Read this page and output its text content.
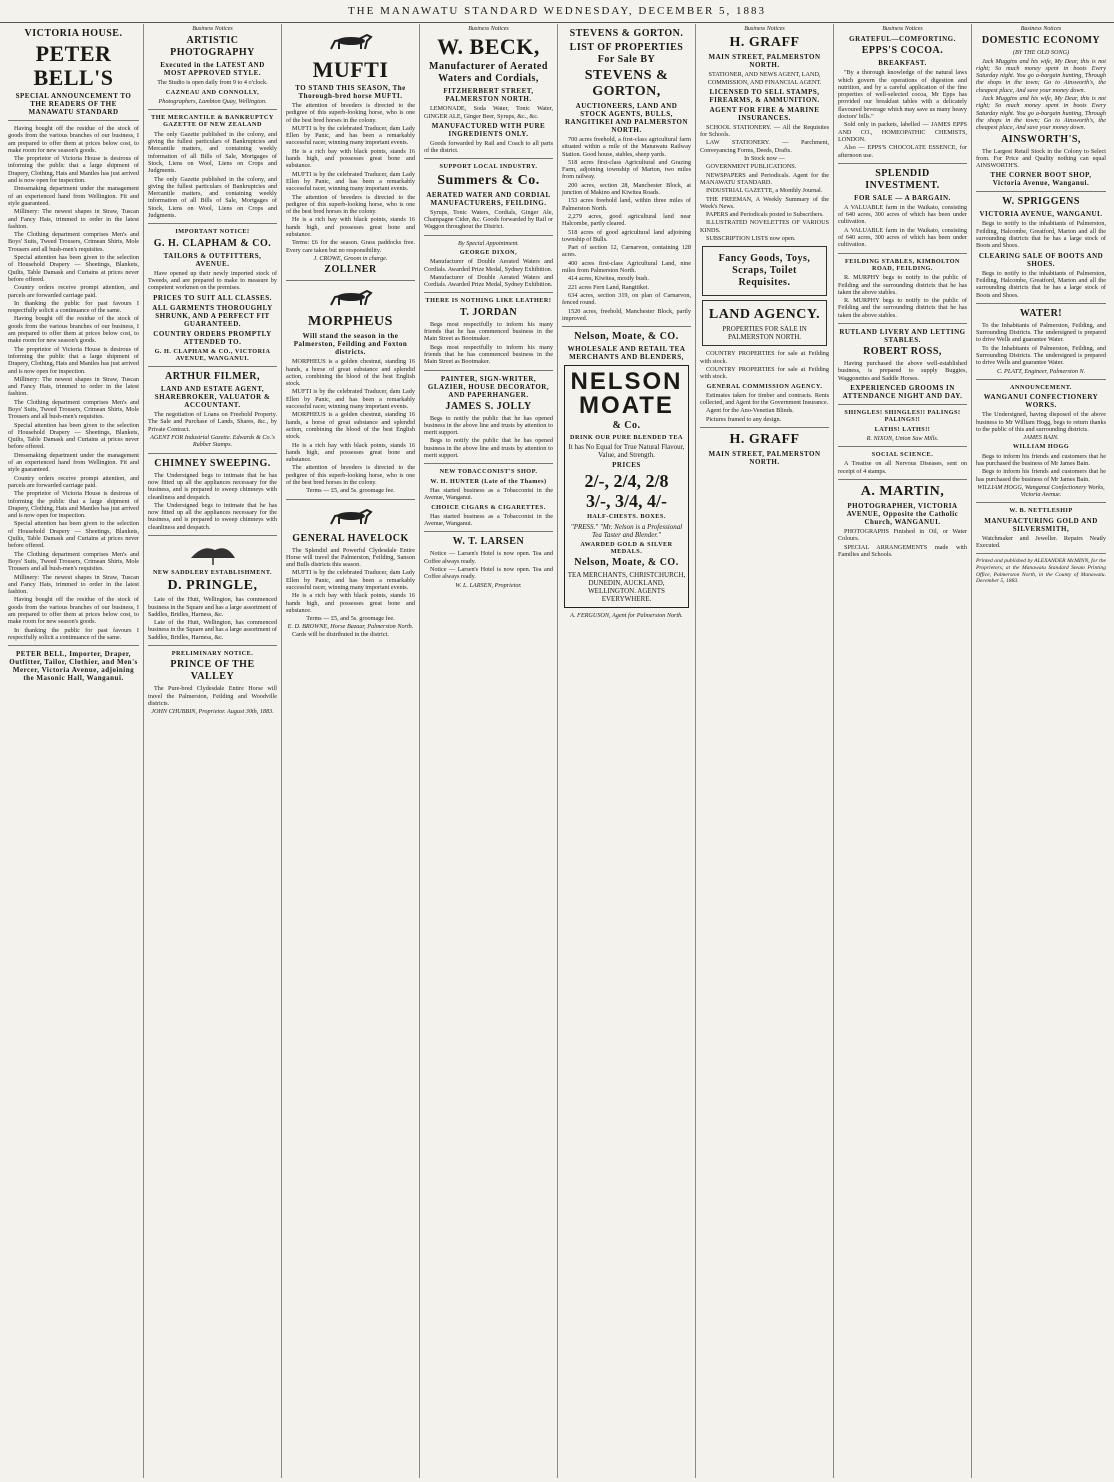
THE MANAWATU STANDARD WEDNESDAY, DECEMBER 5, 1883
VICTORIA HOUSE.
PETER BELL'S
SPECIAL ANNOUNCEMENT TO THE READERS OF THE MANAWATU STANDARD

Having bought off the residue of the stock of goods from the various branches of our business, I am prepared to offer them at prices below cost, to make room for new season's goods.

The proprietor of Victoria House is desirous of informing the public that a large shipment of Drapery, Clothing, Hats and Mantles has just arrived and is now open for inspection.

Dressmaking department under the management of an experienced hand from Wellington. Fit and style guaranteed.

Millinery: The newest shapes in Straw, Tuscan and Fancy Hats, trimmed to order in the latest fashion.

The Clothing department comprises Men's and Boys' Suits, Tweed Trousers, Crimean Shirts, Mole Trousers and all bush-men's requisites.

Special attention has been given to the selection of Household Drapery — Sheetings, Blankets, Quilts, Table Damask and Curtains at prices never before offered.

Country orders receive prompt attention, and parcels are forwarded carriage paid.

In thanking the public for past favours I respectfully solicit a continuance of the same.

Having bought off the residue of the stock of goods from the various branches of our business, I am prepared to offer them at prices below cost, to make room for new season's goods.

The proprietor of Victoria House is desirous of informing the public that a large shipment of Drapery, Clothing, Hats and Mantles has just arrived and is now open for inspection.

Millinery: The newest shapes in Straw, Tuscan and Fancy Hats, trimmed to order in the latest fashion.

The Clothing department comprises Men's and Boys' Suits, Tweed Trousers, Crimean Shirts, Mole Trousers and all bush-men's requisites.

Special attention has been given to the selection of Household Drapery — Sheetings, Blankets, Quilts, Table Damask and Curtains at prices never before offered.

Dressmaking department under the management of an experienced hand from Wellington. Fit and style guaranteed.

Country orders receive prompt attention, and parcels are forwarded carriage paid.

The proprietor of Victoria House is desirous of informing the public that a large shipment of Drapery, Clothing, Hats and Mantles has just arrived and is now open for inspection.

Special attention has been given to the selection of Household Drapery — Sheetings, Blankets, Quilts, Table Damask and Curtains at prices never before offered.

The Clothing department comprises Men's and Boys' Suits, Tweed Trousers, Crimean Shirts, Mole Trousers and all bush-men's requisites.

Millinery: The newest shapes in Straw, Tuscan and Fancy Hats, trimmed to order in the latest fashion.

Having bought off the residue of the stock of goods from the various branches of our business, I am prepared to offer them at prices below cost, to make room for new season's goods.

In thanking the public for past favours I respectfully solicit a continuance of the same.

PETER BELL, Importer, Draper, Outfitter, Tailor, Clothier, and Men's Mercer, Victoria Avenue, adjoining the Masonic Hall, Wanganui.
Business Notices
ARTISTIC PHOTOGRAPHY
Executed in the LATEST AND MOST APPROVED STYLE.
The Studio is open daily from 9 to 4 o'clock.
CAZNEAU AND CONNOLLY,
Photographers, Lambton Quay, Wellington.
THE MERCANTILE & BANKRUPTCY GAZETTE OF NEW ZEALAND

The only Gazette published in the colony, and giving the fullest particulars of Bankruptcies and Mercantile matters, and containing weekly information of all Bills of Sale, Mortgages of Stock, Liens on Wool, Liens on Crops and Judgments.

The only Gazette published in the colony, and giving the fullest particulars of Bankruptcies and Mercantile matters, and containing weekly information of all Bills of Sale, Mortgages of Stock, Liens on Wool, Liens on Crops and Judgments.

IMPORTANT NOTICE!
G. H. CLAPHAM & CO.
TAILORS & OUTFITTERS, AVENUE.

Have opened up their newly imported stock of Tweeds, and are prepared to make to measure by competent workmen on the premises.

PRICES TO SUIT ALL CLASSES.
ALL GARMENTS THOROUGHLY SHRUNK, AND A PERFECT FIT GUARANTEED.
COUNTRY ORDERS PROMPTLY ATTENDED TO.
G. H. CLAPHAM & CO., VICTORIA AVENUE, WANGANUI.
ARTHUR FILMER,
LAND AND ESTATE AGENT, SHAREBROKER, VALUATOR & ACCOUNTANT.

The negotiation of Loans on Freehold Property. The Sale and Purchase of Lands, Shares, &c., by Private Contract.

AGENT FOR Industrial Gazette. Edwards & Co.'s Rubber Stamps.
CHIMNEY SWEEPING.

The Undersigned begs to intimate that he has now fitted up all the appliances necessary for the business, and is prepared to sweep chimneys with cleanliness and despatch.

The Undersigned begs to intimate that he has now fitted up all the appliances necessary for the business, and is prepared to sweep chimneys with cleanliness and despatch.

NEW SADDLERY ESTABLISHMENT.
D. PRINGLE,

Late of the Hutt, Wellington, has commenced business in the Square and has a large assortment of Saddles, Bridles, Harness, &c.

Late of the Hutt, Wellington, has commenced business in the Square and has a large assortment of Saddles, Bridles, Harness, &c.

PRELIMINARY NOTICE.
PRINCE OF THE VALLEY

The Pure-bred Clydesdale Entire Horse will travel the Palmerston, Feilding and Woodville districts.

JOHN CHUBBIN, Proprietor. August 30th, 1883.
MUFTI
TO STAND THIS SEASON, The Thorough-bred horse MUFTI.

The attention of breeders is directed to the pedigree of this superb-looking horse, who is one of the best bred horses in the colony.

MUFTI is by the celebrated Traducer, dam Lady Ellen by Panic, and has been a remarkably successful racer, winning many important events.

He is a rich bay with black points, stands 16 hands high, and possesses great bone and substance.

MUFTI is by the celebrated Traducer, dam Lady Ellen by Panic, and has been a remarkably successful racer, winning many important events.

The attention of breeders is directed to the pedigree of this superb-looking horse, who is one of the best bred horses in the colony.

He is a rich bay with black points, stands 16 hands high, and possesses great bone and substance.

Terms: £6 for the season. Grass paddocks free. Every care taken but no responsibility.

J. CROWE, Groom in charge.
ZOLLNER
MORPHEUS
Will stand the season in the Palmerston, Feilding and Foxton districts.

MORPHEUS is a golden chestnut, standing 16 hands, a horse of great substance and splendid action, combining the blood of the best English stock.

MUFTI is by the celebrated Traducer, dam Lady Ellen by Panic, and has been a remarkably successful racer, winning many important events.

MORPHEUS is a golden chestnut, standing 16 hands, a horse of great substance and splendid action, combining the blood of the best English stock.

He is a rich bay with black points, stands 16 hands high, and possesses great bone and substance.

The attention of breeders is directed to the pedigree of this superb-looking horse, who is one of the best bred horses in the colony.

Terms — £5, and 5s. groomage fee.
GENERAL HAVELOCK

The Splendid and Powerful Clydesdale Entire Horse will travel the Palmerston, Feilding, Sanson and Bulls districts this season.

MUFTI is by the celebrated Traducer, dam Lady Ellen by Panic, and has been a remarkably successful racer, winning many important events.

He is a rich bay with black points, stands 16 hands high, and possesses great bone and substance.

Terms — £5, and 5s. groomage fee.
E. D. BROWNE, Horse Bazaar, Palmerston North.

Cards will be distributed in the district.

Business Notices
W. BECK,
Manufacturer of Aerated Waters and Cordials,
FITZHERBERT STREET, PALMERSTON NORTH.

LEMONADE, Soda Water, Tonic Water, GINGER ALE, Ginger Beer, Syrups, &c., &c.

MANUFACTURED WITH PURE INGREDIENTS ONLY.

Goods forwarded by Rail and Coach to all parts of the district.

SUPPORT LOCAL INDUSTRY.
Summers & Co.
AERATED WATER AND CORDIAL MANUFACTURERS, FEILDING.

Syrups, Tonic Waters, Cordials, Ginger Ale, Champagne Cider, &c. Goods forwarded by Rail or Waggon throughout the District.

By Special Appointment.
GEORGE DIXON,

Manufacturer of Double Aerated Waters and Cordials. Awarded Prize Medal, Sydney Exhibition.

Manufacturer of Double Aerated Waters and Cordials. Awarded Prize Medal, Sydney Exhibition.

THERE IS NOTHING LIKE LEATHER!
T. JORDAN

Begs most respectfully to inform his many friends that he has commenced business in the Main Street as Bootmaker.

Begs most respectfully to inform his many friends that he has commenced business in the Main Street as Bootmaker.

PAINTER, SIGN-WRITER, GLAZIER, HOUSE DECORATOR, AND PAPERHANGER.
JAMES S. JOLLY

Begs to notify the public that he has opened business in the above line and trusts by attention to merit support.

Begs to notify the public that he has opened business in the above line and trusts by attention to merit support.

NEW TOBACCONIST'S SHOP.
W. H. HUNTER (Late of the Thames)

Has started business as a Tobacconist in the Avenue, Wanganui.

CHOICE CIGARS & CIGARETTES.

Has started business as a Tobacconist in the Avenue, Wanganui.

W. T. LARSEN

Notice — Larsen's Hotel is now open. Tea and Coffee always ready.

Notice — Larsen's Hotel is now open. Tea and Coffee always ready.

W. L. LARSEN, Proprietor.
STEVENS & GORTON.
LIST OF PROPERTIES For Sale BY
STEVENS & GORTON,
AUCTIONEERS, LAND AND STOCK AGENTS, BULLS, RANGITIKEI AND PALMERSTON NORTH.

700 acres freehold, a first-class agricultural farm situated within a mile of the Manawatu Railway Station. Good house, stables, sheep yards.

518 acres first-class Agricultural and Grazing Farm, adjoining township of Marton, two miles from railway.

200 acres, section 28, Manchester Block, at junction of Makino and Kiwitea Roads.

153 acres freehold land, within three miles of Palmerston North.

2,279 acres, good agricultural land near Halcombe, partly cleared.

518 acres of good agricultural land adjoining township of Bulls.

Part of section 12, Carnarvon, containing 128 acres.

400 acres first-class Agricultural Land, nine miles from Palmerston North.

414 acres, Kiwitea, mostly bush.

221 acres Fern Land, Rangitikei.

634 acres, section 319, on plan of Carnarvon, fenced round.

1520 acres, freehold, Manchester Block, partly improved.

Nelson, Moate, & CO.
WHOLESALE AND RETAIL TEA MERCHANTS AND BLENDERS,
NELSON MOATE
& Co.
DRINK OUR PURE BLENDED TEA
It has No Equal for True Natural Flavour, Value, and Strength.
PRICES
2/-, 2/4, 2/8
3/-, 3/4, 4/-
HALF-CHESTS. BOXES.
"PRESS." "Mr. Nelson is a Professional Tea Taster and Blender."
AWARDED GOLD & SILVER MEDALS.
Nelson, Moate, & CO.
TEA MERCHANTS, CHRISTCHURCH, DUNEDIN, AUCKLAND, WELLINGTON. AGENTS EVERYWHERE.
A. FERGUSON, Agent for Palmerston North.
Business Notices
H. GRAFF
MAIN STREET, PALMERSTON NORTH.
STATIONER, AND NEWS AGENT, LAND, COMMISSION, AND FINANCIAL AGENT.
LICENSED TO SELL STAMPS, FIREARMS, & AMMUNITION.
AGENT FOR FIRE & MARINE INSURANCES.

SCHOOL STATIONERY. — All the Requisites for Schools.

LAW STATIONERY. — Parchment, Conveyancing Forms, Deeds, Drafts.

In Stock now —

GOVERNMENT PUBLICATIONS.

NEWSPAPERS and Periodicals. Agent for the MANAWATU STANDARD.

INDUSTRIAL GAZETTE, a Monthly Journal.

THE FREEMAN, A Weekly Summary of the Week's News.

PAPERS and Periodicals posted to Subscribers.

ILLUSTRATED NOVELETTES OF VARIOUS KINDS.

SUBSCRIPTION LISTS now open.

Fancy Goods, Toys, Scraps, Toilet Requisites.
LAND AGENCY.
PROPERTIES FOR SALE IN PALMERSTON NORTH.

COUNTRY PROPERTIES for sale at Feilding with stock.

COUNTRY PROPERTIES for sale at Feilding with stock.

GENERAL COMMISSION AGENCY.

Estimates taken for timber and contracts. Rents collected, and Agent for the Government Insurance.

Agent for the Ano-Venetian Blinds.

Pictures framed to any design.

H. GRAFF
MAIN STREET, PALMERSTON NORTH.
Business Notices
GRATEFUL—COMFORTING.
EPPS'S COCOA.
BREAKFAST.

"By a thorough knowledge of the natural laws which govern the operations of digestion and nutrition, and by a careful application of the fine properties of well-selected cocoa, Mr Epps has provided our breakfast tables with a delicately flavoured beverage which may save us many heavy doctors' bills."

Sold only in packets, labelled — JAMES EPPS AND CO., HOMEOPATHIC CHEMISTS, LONDON.

Also — EPPS'S CHOCOLATE ESSENCE, for afternoon use.

SPLENDID INVESTMENT.
FOR SALE — A BARGAIN.

A VALUABLE farm in the Waikato, consisting of 640 acres, 300 acres of which has been under cultivation.

A VALUABLE farm in the Waikato, consisting of 640 acres, 300 acres of which has been under cultivation.

FEILDING STABLES, KIMBOLTON ROAD, FEILDING.

R. MURPHY begs to notify to the public of Feilding and the surrounding districts that he has taken the above stables.

R. MURPHY begs to notify to the public of Feilding and the surrounding districts that he has taken the above stables.

RUTLAND LIVERY AND LETTING STABLES.
ROBERT ROSS,

Having purchased the above well-established business, is prepared to supply Buggies, Waggonettes and Saddle Horses.

EXPERIENCED GROOMS IN ATTENDANCE NIGHT AND DAY.
SHINGLES! SHINGLES!! PALINGS! PALINGS!!
LATHS! LATHS!!
R. NIXON, Union Saw Mills.
SOCIAL SCIENCE.

A Treatise on all Nervous Diseases, sent on receipt of 4 stamps.

A. MARTIN,
PHOTOGRAPHER, VICTORIA AVENUE, Opposite the Catholic Church, WANGANUI.

PHOTOGRAPHS Finished in Oil, or Water Colours.

SPECIAL ARRANGEMENTS made with Families and Schools.

Business Notices
DOMESTIC ECONOMY
(BY THE OLD SONG)

Jack Muggins and his wife, My Dear, this is not right; So much money spent in boots Every Saturday night. You go a-bargain hunting, Through the shops in the town; Go to Ainsworth's, the cheapest place, And save your money down.

Jack Muggins and his wife, My Dear, this is not right; So much money spent in boots Every Saturday night. You go a-bargain hunting, Through the shops in the town; Go to Ainsworth's, the cheapest place, And save your money down.

AINSWORTH'S,

The Largest Retail Stock in the Colony to Select from. For Price and Quality nothing can equal AINSWORTH'S.

THE CORNER BOOT SHOP, Victoria Avenue, Wanganui.
W. SPRIGGENS
VICTORIA AVENUE, WANGANUI.

Begs to notify to the inhabitants of Palmerston, Feilding, Halcombe, Greatford, Marton and all the surrounding districts that he has a large stock of Boots and Shoes.

CLEARING SALE OF BOOTS AND SHOES.

Begs to notify to the inhabitants of Palmerston, Feilding, Halcombe, Greatford, Marton and all the surrounding districts that he has a large stock of Boots and Shoes.

WATER!

To the Inhabitants of Palmerston, Feilding, and Surrounding Districts. The undersigned is prepared to drive Wells and guarantee Water.

To the Inhabitants of Palmerston, Feilding, and Surrounding Districts. The undersigned is prepared to drive Wells and guarantee Water.

C. PLATT, Engineer, Palmerston N.
ANNOUNCEMENT.
WANGANUI CONFECTIONERY WORKS.

The Undersigned, having disposed of the above business to Mr William Hogg, begs to return thanks to the public of this and surrounding districts.

JAMES BAIN.
WILLIAM HOGG

Begs to inform his friends and customers that he has purchased the business of Mr James Bain.

Begs to inform his friends and customers that he has purchased the business of Mr James Bain.

WILLIAM HOGG, Wanganui Confectionery Works, Victoria Avenue.
W. B. NETTLESHIP
MANUFACTURING GOLD AND SILVERSMITH,

Watchmaker and Jeweller. Repairs Neatly Executed.

Printed and published by ALEXANDER McMINN, for the Proprietors, at the Manawatu Standard Steam Printing Office, Palmerston North, in the County of Manawatu. December 5, 1883.
